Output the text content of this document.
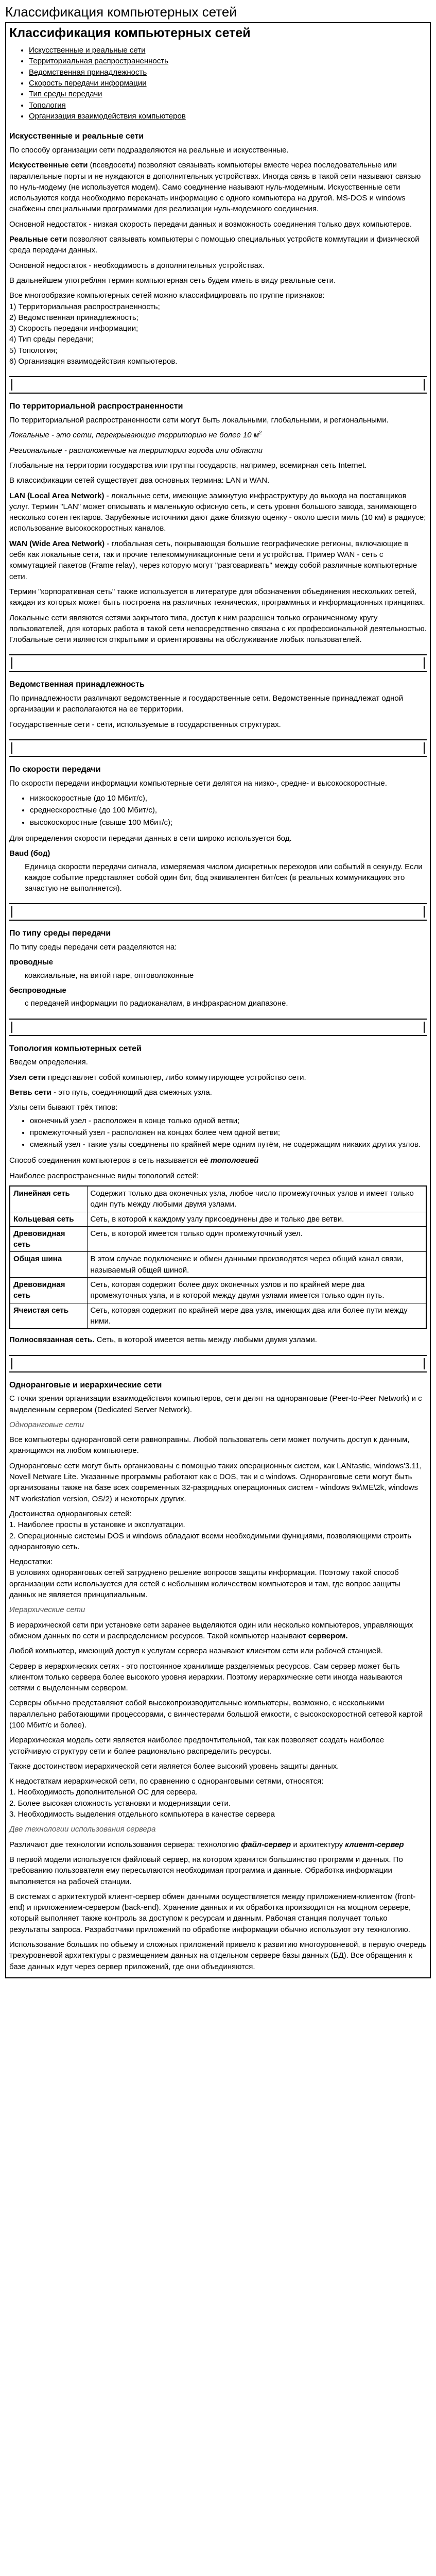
Классификация компьютерных сетей
Классификация компьютерных сетей
• Искусственные и реальные сети
• Территориальная распространенность
• Ведомственная принадлежность
• Скорость передачи информации
• Тип среды передачи
• Топология
• Организация взаимодействия компьютеров
Искусственные и реальные сети

По способу организации сети подразделяются на реальные и искусственные.

Искусственные сети (псевдосети) позволяют связывать компьютеры вместе через последовательные или параллельные порты и не нуждаются в дополнительных устройствах. Иногда связь в такой сети называют связью по нуль-модему (не используется модем). Само соединение называют нуль-модемным. Искусственные сети используются когда необходимо перекачать информацию с одного компьютера на другой. MS-DOS и windows снабжены специальными программами для реализации нуль-модемного соединения.

Основной недостаток - низкая скорость передачи данных и возможность соединения только двух компьютеров.

Реальные сети позволяют связывать компьютеры с помощью специальных устройств коммутации и физической среда передачи данных.

Основной недостаток - необходимость в дополнительных устройствах.

В дальнейшем употребляя термин компьютерная сеть будем иметь в виду реальные сети.

Все многообразие компьютерных сетей можно классифицировать по группе признаков:

1) Территориальная распространенность;
2) Ведомственная принадлежность;
3) Скорость передачи информации;
4) Тип среды передачи;
5) Топология;
6) Организация взаимодействия компьютеров.
По территориальной распространенности

По территориальной распространенности сети могут быть локальными, глобальными, и региональными.

Локальные - это сети, перекрывающие территорию не более 10 $м^2$

Региональные - расположенные на территории города или области

Глобальные на территории государства или группы государств, например, всемирная сеть Internet.

В классификации сетей существует два основных термина: LAN и WAN.

LAN (Local Area Network) - локальные сети, имеющие замкнутую инфраструктуру до выхода на поставщиков услуг. Термин "LAN" может описывать и маленькую офисную сеть, и сеть уровня большого завода, занимающего несколько сотен гектаров. Зарубежные источники дают даже близкую оценку - около шести миль (10 км) в радиусе; использование высокоскоростных каналов.

WAN (Wide Area Network) - глобальная сеть, покрывающая большие географические регионы, включающие в себя как локальные сети, так и прочие телекоммуникационные сети и устройства. Пример WAN - сеть с коммутацией пакетов (Frame relay), через которую могут "разговаривать" между собой различные компьютерные сети.

Термин "корпоративная сеть" также используется в литературе для обозначения объединения нескольких сетей, каждая из которых может быть построена на различных технических, программных и информационных принципах.

Локальные сети являются сетями закрытого типа, доступ к ним разрешен только ограниченному кругу пользователей, для которых работа в такой сети непосредственно связана с их профессиональной деятельностью. Глобальные сети являются открытыми и ориентированы на обслуживание любых пользователей.

Ведомственная принадлежность

По принадлежности различают ведомственные и государственные сети. Ведомственные принадлежат одной организации и располагаются на ее территории.

Государственные сети - сети, используемые в государственных структурах.

По скорости передачи

По скорости передачи информации компьютерные сети делятся на низко-, средне- и высокоскоростные.

• низкоскоростные (до 10 Мбит/с),
• среднескоростные (до 100 Мбит/с),
• высокоскоростные (свыше 100 Мбит/с);

Для определения скорости передачи данных в сети широко используется бод.

Baud (бод)

Единица скорости передачи сигнала, измеряемая числом дискретных переходов или событий в секунду. Если каждое событие представляет собой один бит, бод эквивалентен бит/сек (в реальных коммуникациях это зачастую не выполняется).

По типу среды передачи

По типу среды передачи сети разделяются на:

проводные

коаксиальные, на витой паре, оптоволоконные

беспроводные

с передачей информации по радиоканалам, в инфракрасном диапазоне.

Топология компьютерных сетей

Введем определения.

Узел сети представляет собой компьютер, либо коммутирующее устройство сети.

Ветвь сети - это путь, соединяющий два смежных узла.

Узлы сети бывают трёх типов:

• оконечный узел - расположен в конце только одной ветви;
• промежуточный узел - расположен на концах более чем одной ветви;
• смежный узел - такие узлы соединены по крайней мере одним путём, не содержащим никаких других узлов.

Способ соединения компьютеров в сеть называется её топологией

Наиболее распространенные виды топологий сетей:

Линейная сеть	Содержит только два оконечных узла, любое число промежуточных узлов и имеет только один путь между любыми двумя узлами.
Кольцевая сеть	Сеть, в которой к каждому узлу присоединены две и только две ветви.
Древовидная сеть	Сеть, в которой имеется только один промежуточный узел.
Общая шина	В этом случае подключение и обмен данными производятся через общий канал связи, называемый общей шиной.
Древовидная сеть	Сеть, которая содержит более двух оконечных узлов и по крайней мере два промежуточных узла, и в которой между двумя узлами имеется только один путь.
Ячеистая сеть	Сеть, которая содержит по крайней мере два узла, имеющих два или более пути между ними.

Полносвязанная сеть. Сеть, в которой имеется ветвь между любыми двумя узлами.

Одноранговые и иерархические сети

С точки зрения организации взаимодействия компьютеров, сети делят на одноранговые (Peer-to-Peer Network) и с выделенным сервером (Dedicated Server Network).

Одноранговые сети

Все компьютеры одноранговой сети равноправны. Любой пользователь сети может получить доступ к данным, хранящимся на любом компьютере.

Одноранговые сети могут быть организованы с помощью таких операционных систем, как LANtastic, windows'3.11, Novell Netware Lite. Указанные программы работают как с DOS, так и с windows. Одноранговые сети могут быть организованы также на базе всех современных 32-разрядных операционных систем - windows 9x\ME\2k, windows NT workstation version, OS/2) и некоторых других.

Достоинства одноранговых сетей:

1. Наиболее просты в установке и эксплуатации.
2. Операционные системы DOS и windows обладают всеми необходимыми функциями, позволяющими строить одноранговую сеть.

Недостатки:

В условиях одноранговых сетей затруднено решение вопросов защиты информации. Поэтому такой способ организации сети используется для сетей с небольшим количеством компьютеров и там, где вопрос защиты данных не является принципиальным.

Иерархические сети

В иерархической сети при установке сети заранее выделяются один или несколько компьютеров, управляющих обменом данных по сети и распределением ресурсов. Такой компьютер называют сервером.

Любой компьютер, имеющий доступ к услугам сервера называют клиентом сети или рабочей станцией.

Сервер в иерархических сетях - это постоянное хранилище разделяемых ресурсов. Сам сервер может быть клиентом только сервера более высокого уровня иерархии. Поэтому иерархические сети иногда называются сетями с выделенным сервером.

Серверы обычно представляют собой высокопроизводительные компьютеры, возможно, с несколькими параллельно работающими процессорами, с винчестерами большой емкости, с высокоскоростной сетевой картой (100 Мбит/с и более).

Иерархическая модель сети является наиболее предпочтительной, так как позволяет создать наиболее устойчивую структуру сети и более рационально распределить ресурсы.

Также достоинством иерархической сети является более высокий уровень защиты данных.

К недостаткам иерархической сети, по сравнению с одноранговыми сетями, относятся:

1. Необходимость дополнительной ОС для сервера.
2. Более высокая сложность установки и модернизации сети.
3. Необходимость выделения отдельного компьютера в качестве сервера

Две технологии использования сервера

Различают две технологии использования сервера: технологию файл-сервер и архитектуру клиент-сервер

В первой модели используется файловый сервер, на котором хранится большинство программ и данных. По требованию пользователя ему пересылаются необходимая программа и данные. Обработка информации выполняется на рабочей станции.

В системах с архитектурой клиент-сервер обмен данными осуществляется между приложением-клиентом (front-end) и приложением-сервером (back-end). Хранение данных и их обработка производится на мощном сервере, который выполняет также контроль за доступом к ресурсам и данным. Рабочая станция получает только результаты запроса. Разработчики приложений по обработке информации обычно используют эту технологию.

Использование больших по объему и сложных приложений привело к развитию многоуровневой, в первую очередь трехуровневой архитектуры с размещением данных на отдельном сервере базы данных (БД). Все обращения к базе данных идут через сервер приложений, где они объединяются.
